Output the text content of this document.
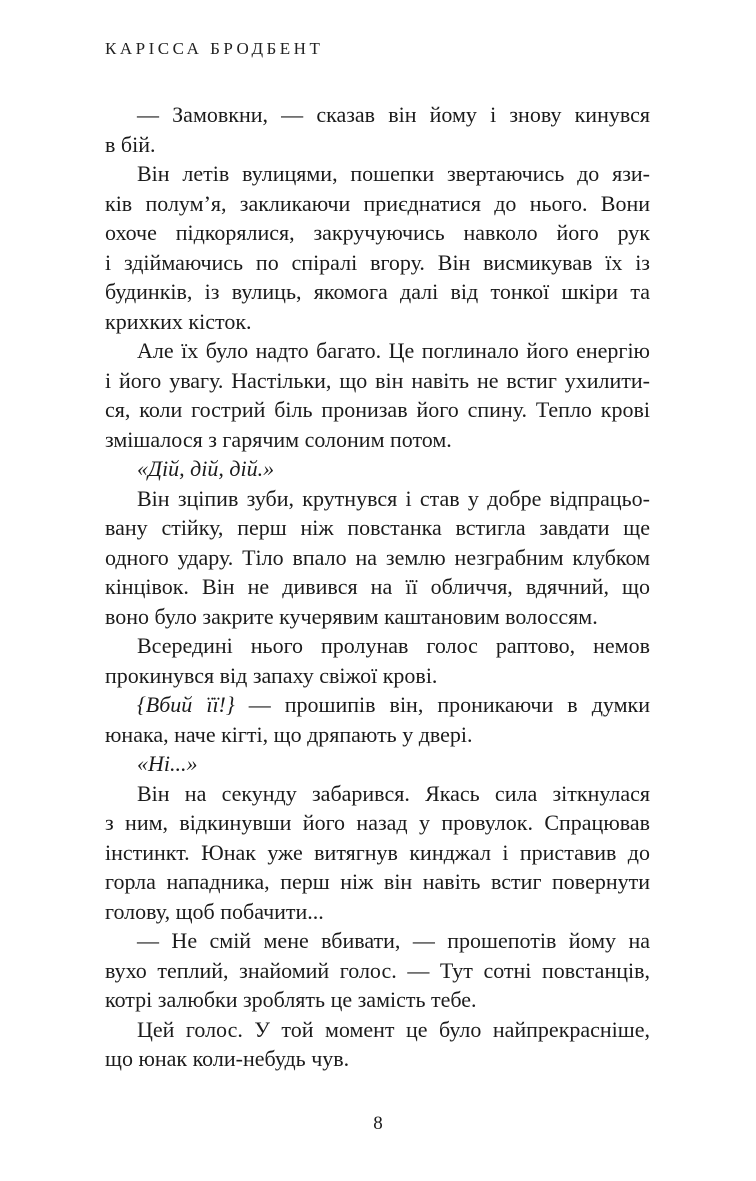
КАРІССА БРОДБЕНТ
— Замовкни, — сказав він йому і знову кинувся
в бій.
Він летів вулицями, пошепки звертаючись до язи-
ків полум’я, закликаючи приєднатися до нього. Вони
охоче підкорялися, закручуючись навколо його рук
і здіймаючись по спіралі вгору. Він висмикував їх із
будинків, із вулиць, якомога далі від тонкої шкіри та
крихких кісток.
Але їх було надто багато. Це поглинало його енергію
і його увагу. Настільки, що він навіть не встиг ухилити-
ся, коли гострий біль пронизав його спину. Тепло крові
змішалося з гарячим солоним потом.
«Дій, дій, дій.»
Він зціпив зуби, крутнувся і став у добре відпрацьо-
вану стійку, перш ніж повстанка встигла завдати ще
одного удару. Тіло впало на землю незграбним клубком
кінцівок. Він не дивився на її обличчя, вдячний, що
воно було закрите кучерявим каштановим волоссям.
Всередині нього пролунав голос раптово, немов
прокинувся від запаху свіжої крові.
{Вбий її!} — прошипів він, проникаючи в думки
юнака, наче кігті, що дряпають у двері.
«Ні...»
Він на секунду забарився. Якась сила зіткнулася
з ним, відкинувши його назад у провулок. Спрацював
інстинкт. Юнак уже витягнув кинджал і приставив до
горла нападника, перш ніж він навіть встиг повернути
голову, щоб побачити...
— Не смій мене вбивати, — прошепотів йому на
вухо теплий, знайомий голос. — Тут сотні повстанців,
котрі залюбки зроблять це замість тебе.
Цей голос. У той момент це було найпрекрасніше,
що юнак коли-небудь чув.
8
